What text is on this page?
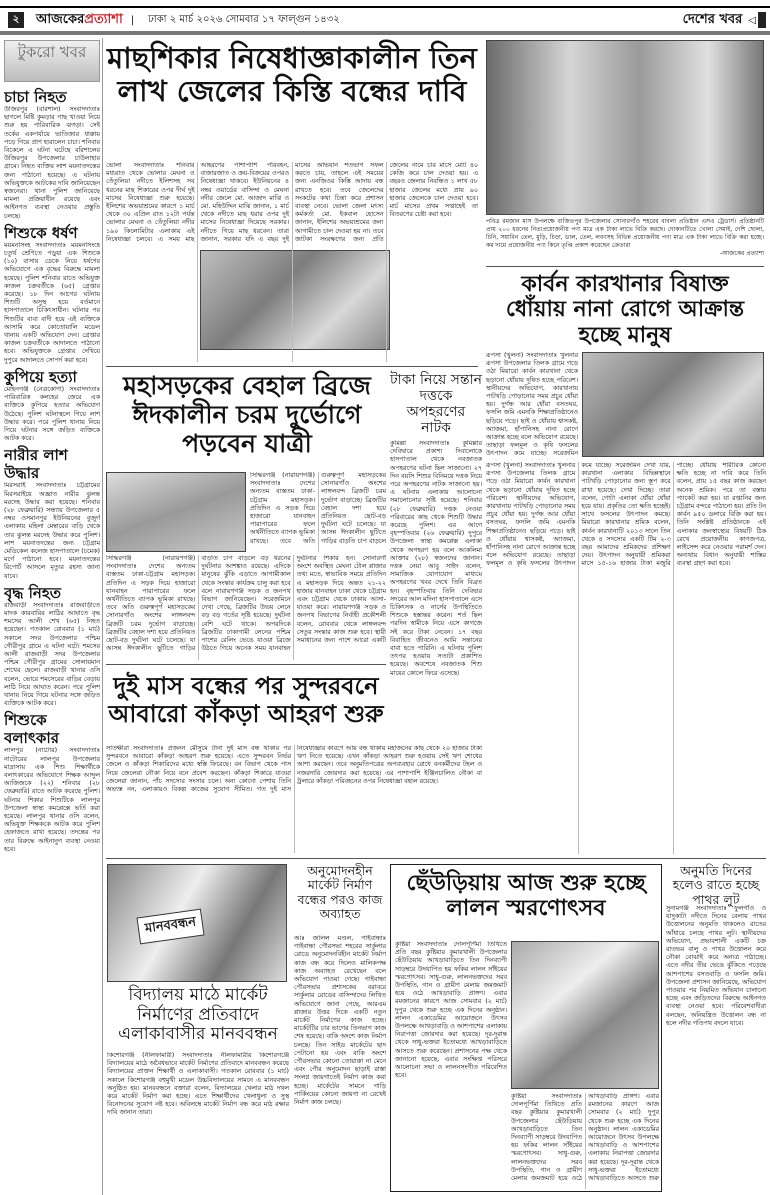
২	আজকেরপ্রত্যাশা | ঢাকা ২ মার্চ ২০২৬ সোমবার ১৭ ফাল্গুন ১৪৩২	দেশের খবর ◁
টুকরো খবর
চাচা নিহত

উজিরপুর (বরিশাল) সংবাদদাতাঃ ছাগলে মিষ্টি কুমড়ার গাছ খাওয়া নিয়ে শুরু হয় পারিবারিক ঝগড়া। সেই তর্কের একপর্যায়ে ভাতিজার ধাক্কায় পড়ে গিয়ে প্রাণ হারালেন চাচা। শনিবার বিকেলে এ ঘটনা ঘটেছে বরিশালের উজিরপুর উপজেলার চাউলাহার গ্রামে। নিহত ব্যক্তির লাশ ময়নাতদন্তের জন্য পাঠানো হয়েছে। এ ঘটনায় অভিযুক্তকে আটকের দাবি জানিয়েছেন স্বজনেরা। থানা পুলিশ জানিয়েছে মামলা প্রক্রিয়াধীন রয়েছে এবং আইনগত ব্যবস্থা নেওয়ার প্রস্তুতি চলছে।

শিশুকে ধর্ষণ

ময়মনসিংহ সংবাদদাতাঃ ময়মনসিংহে চতুর্থ শ্রেণিতে পড়ুয়া এক শিশুকে (১০) বাসায় ডেকে নিয়ে ধর্ষণের অভিযোগে এক বৃদ্ধের বিরুদ্ধে মামলা হয়েছে। পুলিশ শনিবার রাতে অভিযুক্ত কাজল চক্রবর্তীকে (৬৫) গ্রেপ্তার করেছে। ১৮ দিন আগের ঘটনায় শিশুটি অসুস্থ হয়ে বর্তমানে হাসপাতালে চিকিৎসাধীন। ঘটনার পর শিশুটির বাবা বাদী হয়ে এই ব্যক্তিকে আসামি করে কোতোয়ালি মডেল থানায় একটি অভিযোগ দেন। গ্রেপ্তার কাজল চক্রবর্তীকে আদালতে পাঠানো হবে। অভিযুক্তকে গ্রেপ্তার দেখিয়ে দুপুরে আদালতে সোপর্দ করা হবে।

কুপিয়ে হত্যা

মোহনগঞ্জ (নেত্রকোণা) সংবাদদাতাঃ পারিবারিক কলহের জেরে এক ব্যক্তিকে কুপিয়ে হত্যার অভিযোগ উঠেছে। পুলিশ ঘটনাস্থলে গিয়ে লাশ উদ্ধার করে। পরে পুলিশ থানায় নিয়ে গিয়ে ঘটনার সঙ্গে জড়িত ব্যক্তিকে আটক করে।

নারীর লাশ উদ্ধার

মিরসরাই সংবাদদাতাঃ চট্টগ্রামের মিরসরাইয়ে অজ্ঞাত নারীর ঝুলন্ত মরদেহ উদ্ধার করা হয়েছে। শনিবার (২৮ ফেব্রুয়ারি) সন্ধ্যায় উপজেলার ৫ নম্বর ওসমানপুর ইউনিয়নের বুজুর্গ এলাকায় মহিলা মেম্বারের বাড়ি থেকে তার ঝুলন্ত মরদেহ উদ্ধার করে পুলিশ। লাশ ময়নাতদন্তের জন্য চট্টগ্রাম মেডিকেল কলেজ হাসপাতালে (চমেক) মর্গে পাঠানো হবে। ময়নাতদন্তের রিপোর্ট আসলে মৃত্যুর রহস্য জানা যাবে।

বৃদ্ধ নিহত

রাজবাড়ী সংবাদদাতাঃ রাজবাড়ীতে মাদক কারবারির লাঠির আঘাতে বৃদ্ধ শমসের আলী শেখ (৬৫) নিহত হয়েছেন। গতকাল রোববার (১ মার্চ) সকালে সদর উপজেলার পশ্চিম গৌরীপুর গ্রামে এ ঘটনা ঘটে। শমসের আলী রাজবাড়ী সদর উপজেলার পশ্চিম গৌরীপুর গ্রামের সোলায়মান শেখের ছেলে। রাজবাড়ী থানার ওসি বলেন, ভোরে শমসেরের বাড়ির বেড়ায় লাঠি নিয়ে আঘাত করেন। পরে পুলিশ থানায় নিয়ে গিয়ে ঘটনার সঙ্গে জড়িত ব্যক্তিকে আটক করে।

শিশুকে বলাৎকার

লালপুর (নাটোর) সংবাদদাতাঃ নাটোরের লালপুর উপজেলার মাদ্রাসায় এক শিশু শিক্ষার্থীকে বলাৎকারের অভিযোগে শিক্ষক আব্দুল আজিজকে (২২) শনিবার (২৮ ফেব্রুয়ারি) রাতে আটক করেছে পুলিশ। ঘটনার শিকার শিশুটিকে লালপুর উপজেলা স্বাস্থ্য কমপ্লেক্সে ভর্তি করা হয়েছে। লালপুর থানার ওসি বলেন, অভিযুক্ত শিক্ষককে আটক করে পুলিশ হেফাজতে রাখা হয়েছে। তদন্তের পর তার বিরুদ্ধে আইনানুগ ব্যবস্থা নেওয়া হবে।

মাছশিকার নিষেধাজ্ঞাকালীন তিন লাখ জেলের কিস্তি বন্ধের দাবি
ভোলা সংবাদদাতাঃ শনিবার মধ্যরাত থেকে ভোলার মেঘনা ও তেঁতুলিয়া নদীতে ইলিশসহ সব ধরনের মাছ শিকারের ওপর দীর্ঘ দুই মাসের নিষেধাজ্ঞা শুরু হয়েছে। ইলিশের অভয়াশ্রমের কারণে ১ মার্চ থেকে ৩০ এপ্রিল রাত ১২টা পর্যন্ত ভোলার মেঘনা ও তেঁতুলিয়া নদীর ১৯০ কিলোমিটার এলাকায় এই নিষেধাজ্ঞা চলবে। এ সময় মাছ আহরণের পাশাপাশি পরিবহন, বাজারজাত ও ক্রয়-বিক্রয়ের ওপরও নিষেধাজ্ঞা থাকবে। ইউনিয়নের ৪ নম্বর ওয়ার্ডের বাসিন্দা ও মেঘনা নদীর জেলে মো. আজাদ মাঝি ও মো. মহিউদ্দিন মাঝি জানান, ১ মার্চ থেকে নদীতে মাছ ধরার ওপর দুই মাসের নিষেধাজ্ঞা দিয়েছে সরকার। নদীতে গিয়ে মাছ ধরবেন। তারা জানান, সরকার যদি এ বছর দুই মাসের অভিযান শতভাগ সফল করতে চায়, তাহলে এই সময়ের জন্য এনজিওর কিস্তি আদায় বন্ধ রাখতে হবে। তবে জেলেদের সংকটের কথা চিন্তা করে প্রশাসন ব্যবস্থা নেবে। ভোলা জেলা মৎস্য কর্মকর্তা মো. ইকবাল হোসেন জানান, ইলিশের অভয়াশ্রমের জন্য আগামীতে চাল দেওয়া হয় না। তবে জাটকা সংরক্ষণের জন্য প্রতি জেলের নামে চার মাসে মোট ৪০ কেজি করে চাল দেওয়া হয়। এ বছরও জেলার নিবন্ধিত ১ লাখ ৫৮ হাজার জেলের মধ্যে প্রায় ৯০ হাজার জেলেকে চাল দেওয়া হবে। মার্চ মাসের প্রথম সপ্তাহেই তা বিতরণের চেষ্টা করা হবে।
পবিত্র রমজান মাস উপলক্ষে বাজিতপুর উপজেলার সোনারগাঁও শহরের বাবলা প্রতিষ্ঠান এসএ ট্রেডার্স। প্রতিষ্ঠানটি প্রায় ২০০ ধরনের নিত্যপ্রয়োজনীয় পণ্য মাত্র এক টাকা লাভে বিক্রি করছে। দোকানটিতে খোলা সেমাই, দেশি ছোলা, চিনি, সয়াবিন তেল, মুড়ি, চিড়া, ডাল, তেল, লবণসহ বিভিন্ন প্রয়োজনীয় পণ্য মাত্র এক টাকা লাভে বিক্রি করা হচ্ছে। কম দামে প্রয়োজনীয় পণ্য কিনে তৃপ্তি প্রকাশ করেছেন ক্রেতারা
-আজকের প্রত্যাশা
কার্বন কারখানার বিষাক্ত ধোঁয়ায় নানা রোগে আক্রান্ত হচ্ছে মানুষ
রূপসা (খুলনা) সংবাদদাতাঃ খুলনার রূপসা উপজেলার তিলক গ্রামে গড়ে ওঠা মিয়ারো কার্বন কারখানা থেকে ছড়ানো ধোঁয়ায় দূষিত হচ্ছে পরিবেশ। স্থানীয়দের অভিযোগ, কারখানায় পাটখড়ি পোড়ানোর সময় প্রচুর ধোঁয়া হয়। দুর্গন্ধ আর ধোঁয়া বসতঘর, ফসলি জমি এমনকি শিক্ষাপ্রতিষ্ঠানেও ছড়িয়ে পড়ে। ছাই ও ধোঁয়ায় শ্বাসকষ্ট, অ্যাজমা, হাঁপানিসহ নানা রোগে আক্রান্ত হচ্ছে বলে অভিযোগ রয়েছে। তাছাড়া ফলমূল ও কৃষি ফসলের উৎপাদন কমে যাচ্ছে। সরেজমিন
রূপসা (খুলনা) সংবাদদাতাঃ খুলনার রূপসা উপজেলার তিলক গ্রামে গড়ে ওঠা মিয়ারো কার্বন কারখানা থেকে ছড়ানো ধোঁয়ায় দূষিত হচ্ছে পরিবেশ। স্থানীয়দের অভিযোগ, কারখানায় পাটখড়ি পোড়ানোর সময় প্রচুর ধোঁয়া হয়। দুর্গন্ধ আর ধোঁয়া বসতঘর, ফসলি জমি এমনকি শিক্ষাপ্রতিষ্ঠানেও ছড়িয়ে পড়ে। ছাই ও ধোঁয়ায় শ্বাসকষ্ট, অ্যাজমা, হাঁপানিসহ নানা রোগে আক্রান্ত হচ্ছে বলে অভিযোগ রয়েছে। তাছাড়া ফলমূল ও কৃষি ফসলের উৎপাদন কমে যাচ্ছে। সরেজমিন দেখা যায়, কারখানা এলাকার বিভিন্নস্থানে পাটখড়ি পোড়ানোর জন্য স্তূপ করে রাখা হয়েছে। দেখা দিচ্ছে। তারা বলেন, গোটা এলাকা ধোঁয়া ধোঁয়া হয়ে যায়। প্রকৃতির তো ক্ষতি হচ্ছেই। সাথে ফসলের উৎপাদন কমছে। মিয়ারো কারখানার শ্রমিক বলেন, কার্বন কারখানাটি ২০১৩ সালে তিন থেকে ৪ সদস্যের একটি টিম ২-৩ বছর আমাদের শ্রমিকদের প্রশিক্ষণ দেয়। উৎপাদন অনুযায়ী শ্রমিকরা মাসে ১৫-১৬ হাজার টাকা মজুরি পাচ্ছে। ধোঁয়ায় শারীরিক কোনো ক্ষতি হচ্ছে না দাবি করে তিনি বলেন, প্রায় ১৫ বছর কাজ করছেন অনেক শ্রমিক। পরে তা বস্তায় প্যাকেট করা হয়। যা রপ্তানির জন্য চট্টগ্রাম বন্দরে পাঠানো হয়। প্রতি টন কার্বন ৯৫০ ডলারে বিক্রি করা হয়। তিনি সংশ্লিষ্ট প্রতিষ্ঠানকে এই এলাকার জনস্বাস্থ্যের বিষয়টি ঠিক রেখে প্রয়োজনীয় কাগজপত্র, লাইসেন্স করে নেওয়ার পরামর্শ দেন। অন্যথায় বিধান অনুযায়ী শাস্তির ব্যবস্থা গ্রহণ করা হবে।
মহাসড়কের বেহাল ব্রিজে ঈদকালীন চরম দুর্ভোগে পড়বেন যাত্রী
সিদ্ধিরগঞ্জ (নারায়ণগঞ্জ) সংবাদদাতাঃ দেশের অন্যতম ব্যস্ততম ঢাকা-চট্টগ্রাম মহাসড়ক। প্রতিদিন এ সড়ক দিয়ে হাজারো যানবাহন পারাপারের ফলে অর্থনীতিতে ব্যাপক ভূমিকা রাখছে। তবে অতি গুরুত্বপূর্ণ মহাসড়কের সোনারগাঁও অংশের লাঙ্গলবন্দ ব্রিজটি চরম দুর্ভোগ বাড়াচ্ছে। ব্রিজটির বেহাল দশা হয়ে প্রতিনিয়ত ছোট-বড় দুর্ঘটনা ঘটে চলেছে। যা আসন্ন ঈদকালীন ছুটিতে গাড়ির বাড়তি চাপ বাড়লে বড় ধরনের দুর্ঘটনার আশঙ্কাও রয়েছে। এদিকে মানুষের ঝুঁকি এড়াতে আগামীকাল থেকে সংস্কার কার্যক্রম চালু করা হবে বলে নারায়ণগঞ্জ সড়ক ও জনপথ বিভাগ জানিয়েছেন। সরেজমিনে দেখা গেছে, ব্রিজটির উভয় লেনে বড় বড় গর্তের সৃষ্টি হয়েছে। দুর্ঘটনা বেশি ঘটে থাকে। অপরদিকে ব্রিজটির ঢাকাগামী লেনের পশ্চিম পাশের রেলিং ভেঙে যাওয়া ব্রিজে উঠতে গিয়ে অনেক সময় যানবাহন দুর্ঘটনার শিকার হন। সোনারগাঁ অংশে অবস্থিত মেঘনা টোল প্লাজার তথ্য মতে, স্বাভাবিক সময়ে প্রতিদিন এ মহাসড়ক দিয়ে অন্তত ২১-২২ হাজার যানবাহন ঢাকা থেকে চট্টগ্রাম এবং চট্টগ্রাম থেকে ঢাকায় আসা-যাওয়া করে। নারায়ণগঞ্জ সড়ক ও জনপথ বিভাগের নির্বাহী প্রকৌশলী বলেন, রোববার থেকে লাঙ্গলবন্দ সেতুর সংস্কার কাজ শুরু হবে। স্থায়ী সমাধানের জন্য পাশে আরো একটি
সিদ্ধিরগঞ্জ (নারায়ণগঞ্জ) সংবাদদাতাঃ দেশের অন্যতম ব্যস্ততম ঢাকা-চট্টগ্রাম মহাসড়ক। প্রতিদিন এ সড়ক দিয়ে হাজারো যানবাহন পারাপারের ফলে অর্থনীতিতে ব্যাপক ভূমিকা রাখছে। তবে অতি গুরুত্বপূর্ণ মহাসড়কের সোনারগাঁও অংশের লাঙ্গলবন্দ ব্রিজটি চরম দুর্ভোগ বাড়াচ্ছে। ব্রিজটির বেহাল দশা হয়ে প্রতিনিয়ত ছোট-বড় দুর্ঘটনা ঘটে চলেছে। যা আসন্ন ঈদকালীন ছুটিতে গাড়ির বাড়তি চাপ বাড়লে
টাকা নিয়ে সন্তান দত্তকে অপহরণের নাটক
কুমিল্লা সংবাদদাতাঃ কুমিল্লার দেবিদ্বারে প্রকাশ্য দিবালোকে হাসপাতাল থেকে নবজাতক অপহরণের ঘটনা ছিল সাজানো। ২৭ দিন বয়সি শিশুর বিনিময়ে দত্তক নিয়ে পরে অপহরণের নাটক সাজানো হয়। এ ঘটনায় এলাকায় আলোচনা সমালোচনার সৃষ্টি হয়েছে। শনিবার (২৮ ফেব্রুয়ারি) দত্তক নেওয়া পরিবারের কাছ থেকে শিশুটি উদ্ধার করেছে পুলিশ। এর আগে বৃহস্পতিবার (২৬ ফেব্রুয়ারি) দুপুরে উপজেলা স্বাস্থ্য কমপ্লেক্স এলাকা থেকে অপহরণ হয় বলে আকলিমা আক্তার (২৮) স্বজনদের জানান। দত্তক নেয়া আবু সাইদ বলেন, সামাজিক যোগাযোগ মাধ্যমে অপহরণের খবর দেখে তিনি বিব্রত হন। বৃহস্পতিবার তিনি দেবিদ্বার সদরের আল মদিনা হাসপাতালে এসে চিকিৎসক ও নার্সের উপস্থিতিতে শিশুকে হস্তান্তর করেন। শর্ত ছিল পরদিন স্বামীকে নিয়ে এসে কাগজে সই করে টাকা নেবেন। ১৭ বছর বিবাহিত জীবনেও আমি সন্তানের বাবা হতে পারিনি। এ ঘটনায় পুলিশ তৎপর হওয়ায় সত্যটা প্রকাশিত হয়েছে। অবশেষে নবজাতক শিশু মায়ের কোলে ফিরে এসেছে।
দুই মাস বন্ধের পর সুন্দরবনে আবারো কাঁকড়া আহরণ শুরু
সাতক্ষীরা সংবাদদাতাঃ প্রজনন মৌসুমে টানা দুই মাস বন্ধ থাকার পর সুন্দরবনে আবারো কাঁকড়া আহরণ শুরু হয়েছে। এতে সুন্দরবন নির্ভর জেলে ও কাঁকড়া শিকারিদের মধ্যে স্বস্তি ফিরেছে। বন বিভাগ থেকে পাস নিয়ে জেলেরা নৌকা নিয়ে বনে প্রবেশ করছেন। কাঁকড়া শিকারে যাওয়া জেলেরা জানান, পাঁচ সদস্যের সংসার চলে। অন্য কোনো পেশায় তিনি অভ্যস্ত নন, এলাকায়ও বিকল্প কাজের সুযোগ সীমিত। গত দুই মাস নিষেধাজ্ঞার কারণে আয় বন্ধ থাকায় মহাজনের কাছ থেকে ২০ হাজার টাকা ঋণ নিতে হয়েছে। এখন কাঁকড়া আহরণ শুরু হওয়ায় সেই ঋণ শোধের আশা করছেন। তবে অনুমতিপত্রের অপব্যবহার রোধে বনকর্মীদের টহল ও নজরদারি জোরদার করা হয়েছে। এর পাশাপাশি ইঞ্জিনচালিত নৌকা বা ট্রলারে কাঁকড়া পরিবহনের ওপর নিষেধাজ্ঞা বহাল রয়েছে।
মানববন্ধন
বিদ্যালয় মাঠে মার্কেট নির্মাণের প্রতিবাদে এলাকাবাসীর মানববন্ধন
কিশোরগঞ্জ (নীলফামারী) সংবাদদাতাঃ নীলফামারীর কিশোরগঞ্জে বিদ্যালয়ের মাঠে অবৈধভাবে মার্কেট নির্মাণের প্রতিবাদে মানববন্ধন করেছে বিদ্যালয়ের প্রাক্তন শিক্ষার্থী ও এলাকাবাসী। গতকাল রোববার (১ মার্চ) সকালে কিশোরগঞ্জ বহুমুখী মডেল উচ্চবিদ্যালয়ের সামনে এ মানববন্ধন অনুষ্ঠিত হয়। মানববন্ধনে বক্তারা বলেন, বিদ্যালয়ের খেলার মাঠ দখল করে মার্কেট নির্মাণ করা হচ্ছে। এতে শিক্ষার্থীদের খেলাধুলা ও সুস্থ বিনোদনের সুযোগ নষ্ট হবে। অবিলম্বে মার্কেট নির্মাণ বন্ধ করে মাঠ রক্ষার দাবি জানান তারা।
অনুমোদনহীন মার্কেট নির্মাণ বন্ধের পরও কাজ অব্যাহত
আঃ জলিল মণ্ডল, গাইবান্ধাঃ গাইবান্ধা পৌরসভা শহরের সার্কুলার রোডে অনুমোদনবিহীন মার্কেট নির্মাণ কাজ বন্ধ করে দিলেও মালিকপক্ষ কাজ অব্যাহত রেখেছেন বলে অভিযোগ পাওয়া গেছে। গাইবান্ধা পৌরসভার প্রশাসকের বরাবরে সার্কুলার রোডের বাসিন্দাদের লিখিত অভিযোগে জানা গেছে, আরএম প্লাজার উত্তর দিকে একটি নতুন মার্কেট নির্মাণের কাজ হচ্ছে। মার্কেটটির চার ভাগের তিনভাগ কাজ শেষ হয়েছে। বাকি অংশে কাজ নির্মাণ চলছে। তিন সাইড মার্কেটের ছাদ পেটানো হয় এবং বাকি অংশে পৌরসভার কোনো তোয়াক্কা না মেনে এবং পৌর অনুমোদন ছাড়াই রাস্তা সংলগ্ন জায়গাতেই নির্মাণ কাজ করা হচ্ছে। মার্কেটের সামনে গাড়ি পার্কিংয়ের কোনো জায়গা না রেখেই নির্মাণ কাজ চলছে।
ছেঁউড়িয়ায় আজ শুরু হচ্ছে লালন স্মরণোৎসব
কুষ্টিয়া সংবাদদাতাঃ দোলপূর্ণিমা তিথিতে প্রতি বছর কুষ্টিয়ার কুমারখালী উপজেলার ছেঁউড়িয়ায় আখড়াবাড়িতে তিন দিনব্যাপী সাড়ম্বরে উদযাপিত হয় ফকির লালন সাঁইয়ের স্মরণোৎসব। সাধু-গুরু, লালনভক্তদের সরব উপস্থিতি, গান ও গ্রামীণ মেলায় জমজমাট হয়ে ওঠে আখড়াবাড়ি প্রাঙ্গণ। এবার রমজানের কারণে আজ সোমবার (২ মার্চ) দুপুর থেকে শুরু হচ্ছে এক দিনের অনুষ্ঠান। লালন একাডেমির আয়োজনে উৎসব উপলক্ষে আখড়াবাড়ি ও আশপাশের এলাকায় নিরাপত্তা জোরদার করা হয়েছে। দূর-দূরান্ত থেকে সাধু-ভক্তরা ইতোমধ্যে আখড়াবাড়িতে আসতে শুরু করেছেন। প্রশাসনের পক্ষ থেকে জানানো হয়েছে, এবার সংক্ষিপ্ত পরিসরে আলোচনা সভা ও লালনসংগীত পরিবেশিত হবে।
কুষ্টিয়া সংবাদদাতাঃ দোলপূর্ণিমা তিথিতে প্রতি বছর কুষ্টিয়ার কুমারখালী উপজেলার ছেঁউড়িয়ায় আখড়াবাড়িতে তিন দিনব্যাপী সাড়ম্বরে উদযাপিত হয় ফকির লালন সাঁইয়ের স্মরণোৎসব। সাধু-গুরু, লালনভক্তদের সরব উপস্থিতি, গান ও গ্রামীণ মেলায় জমজমাট হয়ে ওঠে আখড়াবাড়ি প্রাঙ্গণ। এবার রমজানের কারণে আজ সোমবার (২ মার্চ) দুপুর থেকে শুরু হচ্ছে এক দিনের অনুষ্ঠান। লালন একাডেমির আয়োজনে উৎসব উপলক্ষে আখড়াবাড়ি ও আশপাশের এলাকায় নিরাপত্তা জোরদার করা হয়েছে। দূর-দূরান্ত থেকে সাধু-ভক্তরা ইতোমধ্যে আখড়াবাড়িতে আসতে শুরু
অনুমতি দিনের হলেও রাতে হচ্ছে পাথর লুট
সুনামগঞ্জ সংবাদদাতাঃ ফুলগাঁও ও যাদুকাটা নদীতে দিনের বেলায় পাথর উত্তোলনের অনুমতি থাকলেও রাতের আঁধারে চলছে পাথর লুট। স্থানীয়দের অভিযোগ, প্রভাবশালী একটি চক্র রাতভর বালু ও পাথর উত্তোলন করে নৌকা বোঝাই করে অন্যত্র পাঠাচ্ছে। এতে নদীর তীর ভেঙে ঝুঁকিতে পড়েছে আশপাশের বসতবাড়ি ও ফসলি জমি। উপজেলা প্রশাসন জানিয়েছে, অভিযোগ পাওয়ার পর নিয়মিত অভিযান চালানো হচ্ছে এবং জড়িতদের বিরুদ্ধে আইনগত ব্যবস্থা নেওয়া হবে। পরিবেশবাদীরা বলছেন, অনিয়ন্ত্রিত উত্তোলন বন্ধ না হলে নদীর গতিপথ বদলে যাবে।
